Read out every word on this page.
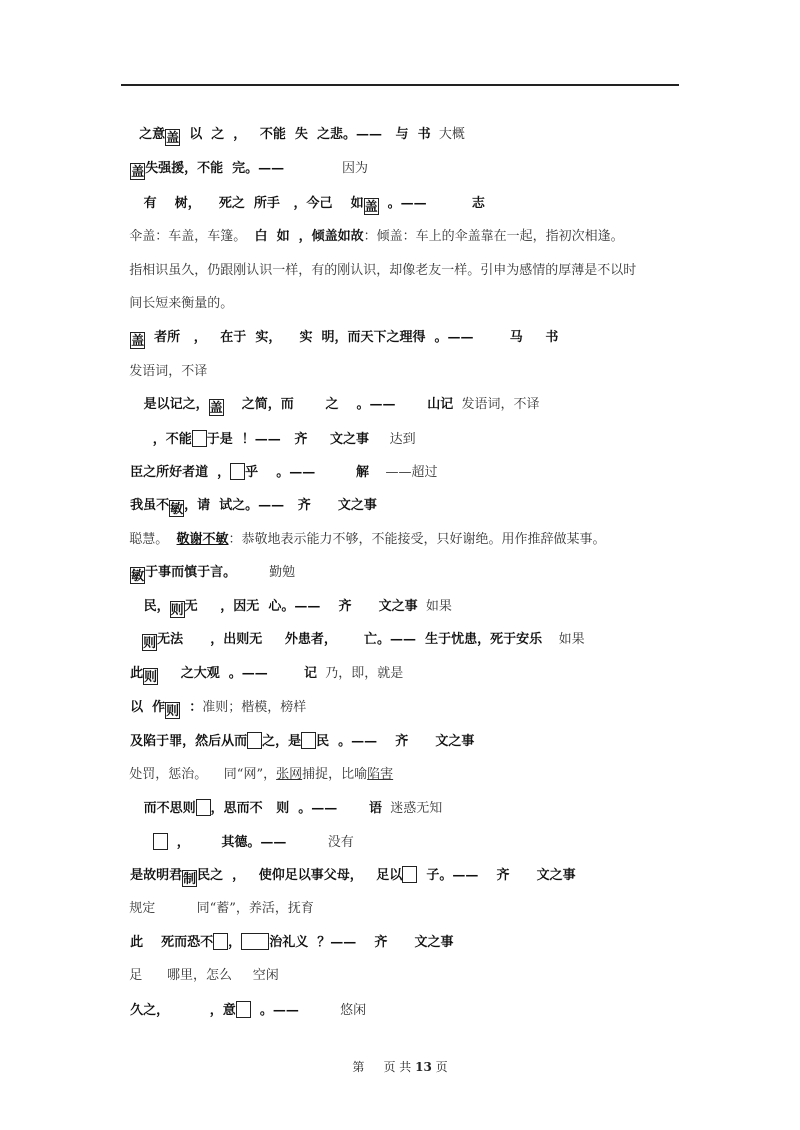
之意盖  以  之  ，   不能  失  之悲。——   与  书  大概

盖失强援，不能  完。——              因为

有    树，    死之  所手   ，今己    如盖  。——          志

伞盖：车盖，车篷。  白  如  ，倾盖如故：倾盖：车上的伞盖靠在一起，指初次相逢。

指相识虽久，仍跟刚认识一样，有的刚认识，却像老友一样。引申为感情的厚薄是不以时

间长短来衡量的。

盖  者所   ，   在于  实，    实  明，而天下之理得  。——        马     书

发语词，不译

是以记之，盖    之简，而       之    。——       山记  发语词，不译

，不能 于是  ！——   齐     文之事     达到

臣之所好者道  ， 乎    。——         解    ——超过

我虽不敏，请  试之。——   齐      文之事

聪慧。  敬谢不敏：恭敬地表示能力不够，不能接受，只好谢绝。用作推辞做某事。

敏于事而慎于言。        勤勉

民，则无     ，因无  心。——    齐      文之事  如果

则无法      ，出则无     外患者，      亡。——  生于忧患，死于安乐    如果

此则     之大观  。——        记  乃，即，就是

以  作则  ：准则；楷模，榜样

及陷于罪，然后从而 之，是 民  。——    齐      文之事

处罚，惩治。    同“网”，张网捕捉，比喻陷害

而不思则 ，思而不   则  。——       语  迷惑无知

，       其德。——          没有

是故明君制民之  ，   使仰足以事父母，   足以  子。——    齐      文之事

规定          同“蓄”，养活，抚育

此    死而恐不 ， 治礼义  ？——    齐      文之事

足      哪里，怎么     空闲

久之，         ，意  。——          悠闲

第 页 共 13 页
